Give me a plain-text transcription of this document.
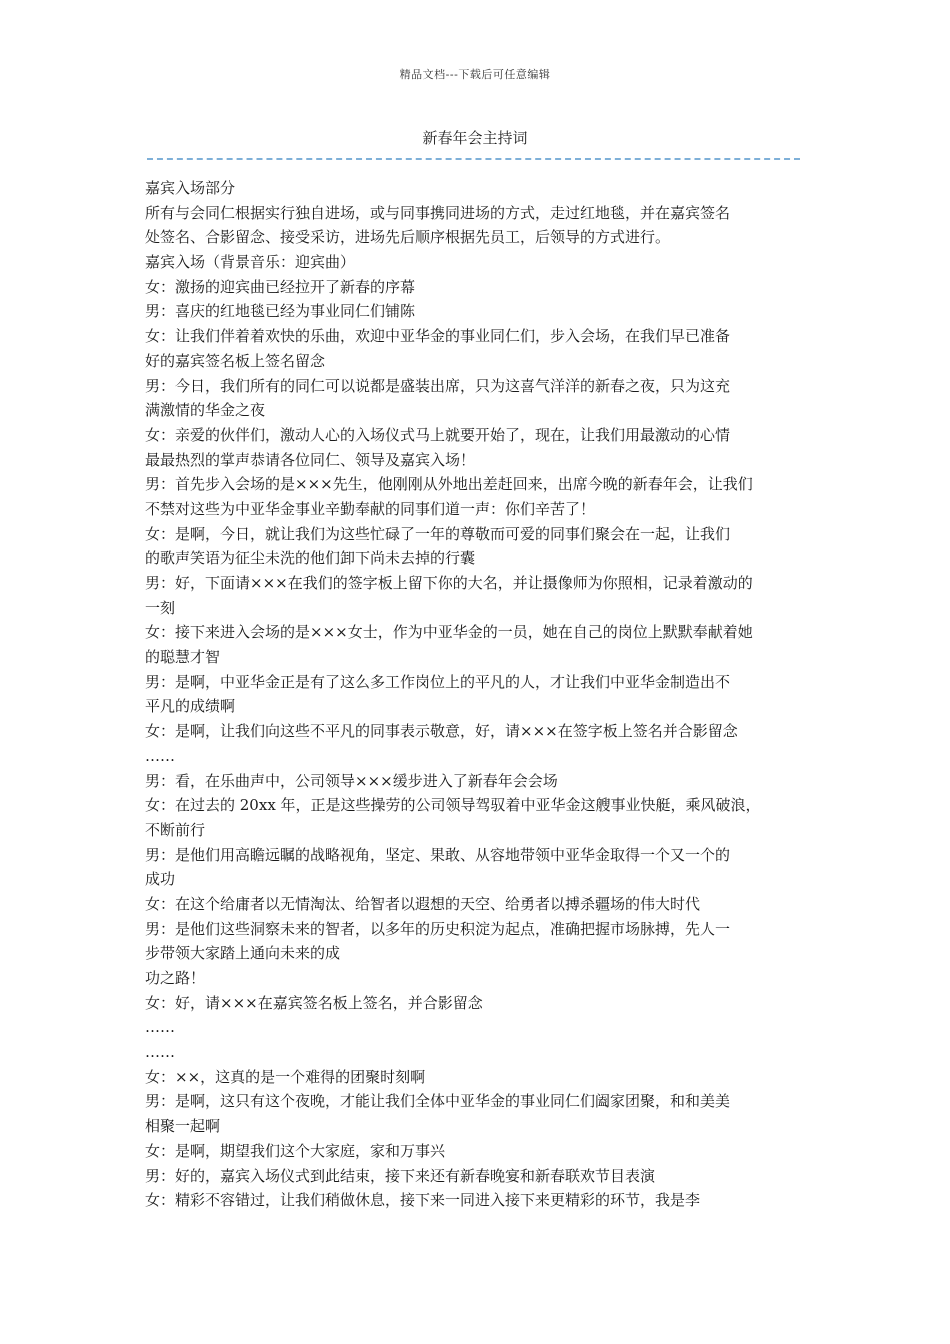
精品文档---下载后可任意编辑
新春年会主持词
嘉宾入场部分
所有与会同仁根据实行独自进场，或与同事携同进场的方式，走过红地毯，并在嘉宾签名
处签名、合影留念、接受采访，进场先后顺序根据先员工，后领导的方式进行。
嘉宾入场（背景音乐：迎宾曲）
女：激扬的迎宾曲已经拉开了新春的序幕
男：喜庆的红地毯已经为事业同仁们铺陈
女：让我们伴着着欢快的乐曲，欢迎中亚华金的事业同仁们，步入会场，在我们早已准备
好的嘉宾签名板上签名留念
男：今日，我们所有的同仁可以说都是盛装出席，只为这喜气洋洋的新春之夜，只为这充
满激情的华金之夜
女：亲爱的伙伴们，激动人心的入场仪式马上就要开始了，现在，让我们用最激动的心情
最最热烈的掌声恭请各位同仁、领导及嘉宾入场！
男：首先步入会场的是×××先生，他刚刚从外地出差赶回来，出席今晚的新春年会，让我们
不禁对这些为中亚华金事业辛勤奉献的同事们道一声：你们辛苦了！
女：是啊，今日，就让我们为这些忙碌了一年的尊敬而可爱的同事们聚会在一起，让我们
的歌声笑语为征尘未洗的他们卸下尚未去掉的行囊
男：好，下面请×××在我们的签字板上留下你的大名，并让摄像师为你照相，记录着激动的
一刻
女：接下来进入会场的是×××女士，作为中亚华金的一员，她在自己的岗位上默默奉献着她
的聪慧才智
男：是啊，中亚华金正是有了这么多工作岗位上的平凡的人，才让我们中亚华金制造出不
平凡的成绩啊
女：是啊，让我们向这些不平凡的同事表示敬意，好，请×××在签字板上签名并合影留念
……
男：看，在乐曲声中，公司领导×××缓步进入了新春年会会场
女：在过去的 20xx 年，正是这些操劳的公司领导驾驭着中亚华金这艘事业快艇，乘风破浪，
不断前行
男：是他们用高瞻远瞩的战略视角，坚定、果敢、从容地带领中亚华金取得一个又一个的
成功
女：在这个给庸者以无情淘汰、给智者以遐想的天空、给勇者以搏杀疆场的伟大时代
男：是他们这些洞察未来的智者，以多年的历史积淀为起点，准确把握市场脉搏，先人一
步带领大家踏上通向未来的成
功之路！
女：好，请×××在嘉宾签名板上签名，并合影留念
……
……
女：××，这真的是一个难得的团聚时刻啊
男：是啊，这只有这个夜晚，才能让我们全体中亚华金的事业同仁们阖家团聚，和和美美
相聚一起啊
女：是啊，期望我们这个大家庭，家和万事兴
男：好的，嘉宾入场仪式到此结束，接下来还有新春晚宴和新春联欢节目表演
女：精彩不容错过，让我们稍做休息，接下来一同进入接下来更精彩的环节，我是李
